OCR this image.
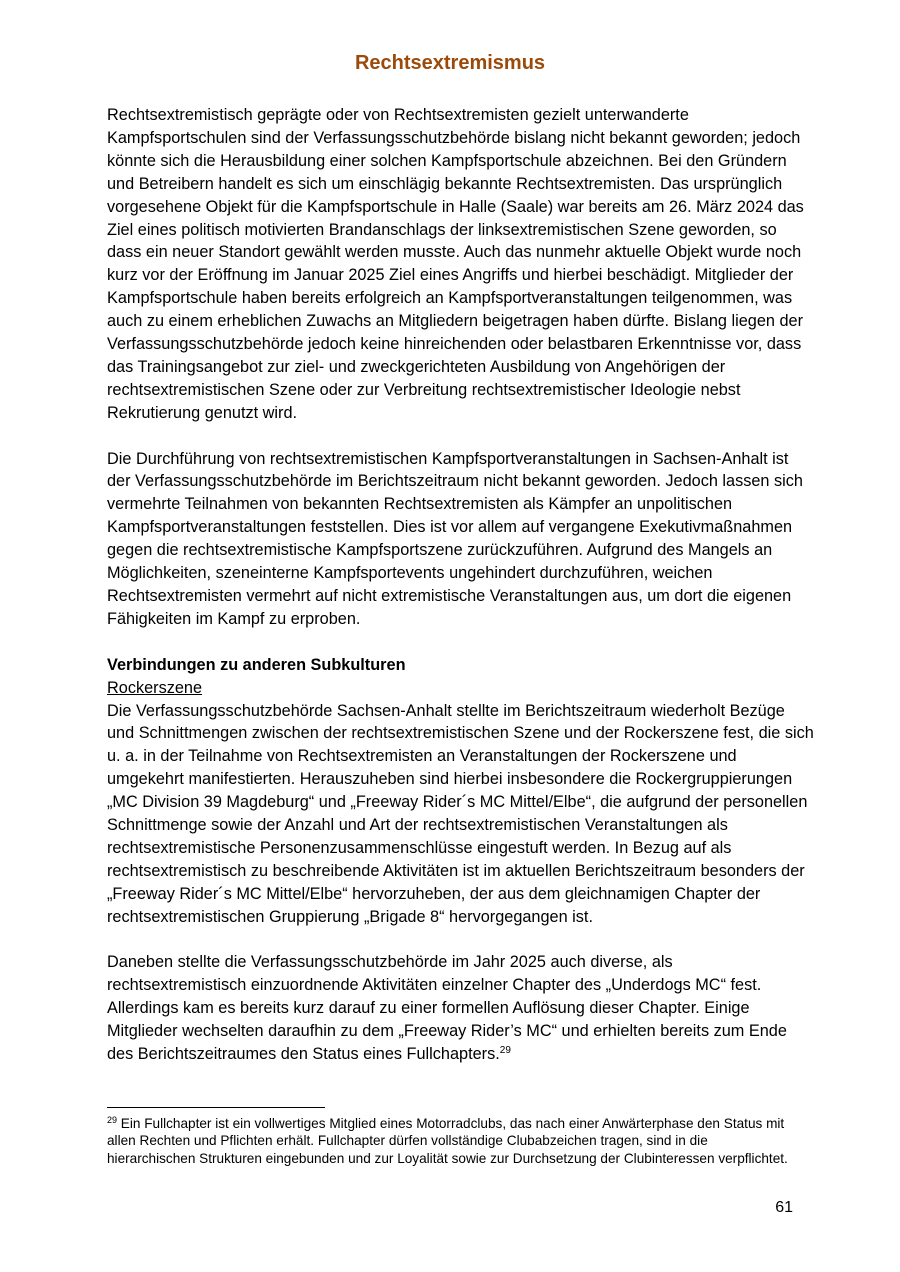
Rechtsextremismus

Rechtsextremistisch geprägte oder von Rechtsextremisten gezielt unterwanderte Kampfsportschulen sind der Verfassungsschutzbehörde bislang nicht bekannt geworden; jedoch könnte sich die Herausbildung einer solchen Kampfsportschule abzeichnen. Bei den Gründern und Betreibern handelt es sich um einschlägig bekannte Rechtsextremisten. Das ursprünglich vorgesehene Objekt für die Kampfsportschule in Halle (Saale) war bereits am 26. März 2024 das Ziel eines politisch motivierten Brandanschlags der linksextremistischen Szene geworden, so dass ein neuer Standort gewählt werden musste. Auch das nunmehr aktuelle Objekt wurde noch kurz vor der Eröffnung im Januar 2025 Ziel eines Angriffs und hierbei beschädigt. Mitglieder der Kampfsportschule haben bereits erfolgreich an Kampfsportveranstaltungen teilgenommen, was auch zu einem erheblichen Zuwachs an Mitgliedern beigetragen haben dürfte. Bislang liegen der Verfassungsschutzbehörde jedoch keine hinreichenden oder belastbaren Erkenntnisse vor, dass das Trainingsangebot zur ziel- und zweckgerichteten Ausbildung von Angehörigen der rechtsextremistischen Szene oder zur Verbreitung rechtsextremistischer Ideologie nebst Rekrutierung genutzt wird.

Die Durchführung von rechtsextremistischen Kampfsportveranstaltungen in Sachsen-Anhalt ist der Verfassungsschutzbehörde im Berichtszeitraum nicht bekannt geworden. Jedoch lassen sich vermehrte Teilnahmen von bekannten Rechtsextremisten als Kämpfer an unpolitischen Kampfsportveranstaltungen feststellen. Dies ist vor allem auf vergangene Exekutivmaßnahmen gegen die rechtsextremistische Kampfsportszene zurückzuführen. Aufgrund des Mangels an Möglichkeiten, szeneinterne Kampfsportevents ungehindert durchzuführen, weichen Rechtsextremisten vermehrt auf nicht extremistische Veranstaltungen aus, um dort die eigenen Fähigkeiten im Kampf zu erproben.

Verbindungen zu anderen Subkulturen

Rockerszene

Die Verfassungsschutzbehörde Sachsen-Anhalt stellte im Berichtszeitraum wiederholt Bezüge und Schnittmengen zwischen der rechtsextremistischen Szene und der Rockerszene fest, die sich u. a. in der Teilnahme von Rechtsextremisten an Veranstaltungen der Rockerszene und umgekehrt manifestierten. Herauszuheben sind hierbei insbesondere die Rockergruppierungen „MC Division 39 Magdeburg“ und „Freeway Rider´s MC Mittel/Elbe“, die aufgrund der personellen Schnittmenge sowie der Anzahl und Art der rechtsextremistischen Veranstaltungen als rechtsextremistische Personenzusammenschlüsse eingestuft werden. In Bezug auf als rechtsextremistisch zu beschreibende Aktivitäten ist im aktuellen Berichtszeitraum besonders der „Freeway Rider´s MC Mittel/Elbe“ hervorzuheben, der aus dem gleichnamigen Chapter der rechtsextremistischen Gruppierung „Brigade 8“ hervorgegangen ist.

Daneben stellte die Verfassungsschutzbehörde im Jahr 2025 auch diverse, als rechtsextremistisch einzuordnende Aktivitäten einzelner Chapter des „Underdogs MC“ fest. Allerdings kam es bereits kurz darauf zu einer formellen Auflösung dieser Chapter. Einige Mitglieder wechselten daraufhin zu dem „Freeway Rider’s MC“ und erhielten bereits zum Ende des Berichtszeitraumes den Status eines Fullchapters.$^{29}$

$^{29}$ Ein Fullchapter ist ein vollwertiges Mitglied eines Motorradclubs, das nach einer Anwärterphase den Status mit allen Rechten und Pflichten erhält. Fullchapter dürfen vollständige Clubabzeichen tragen, sind in die hierarchischen Strukturen eingebunden und zur Loyalität sowie zur Durchsetzung der Clubinteressen verpflichtet.
61
